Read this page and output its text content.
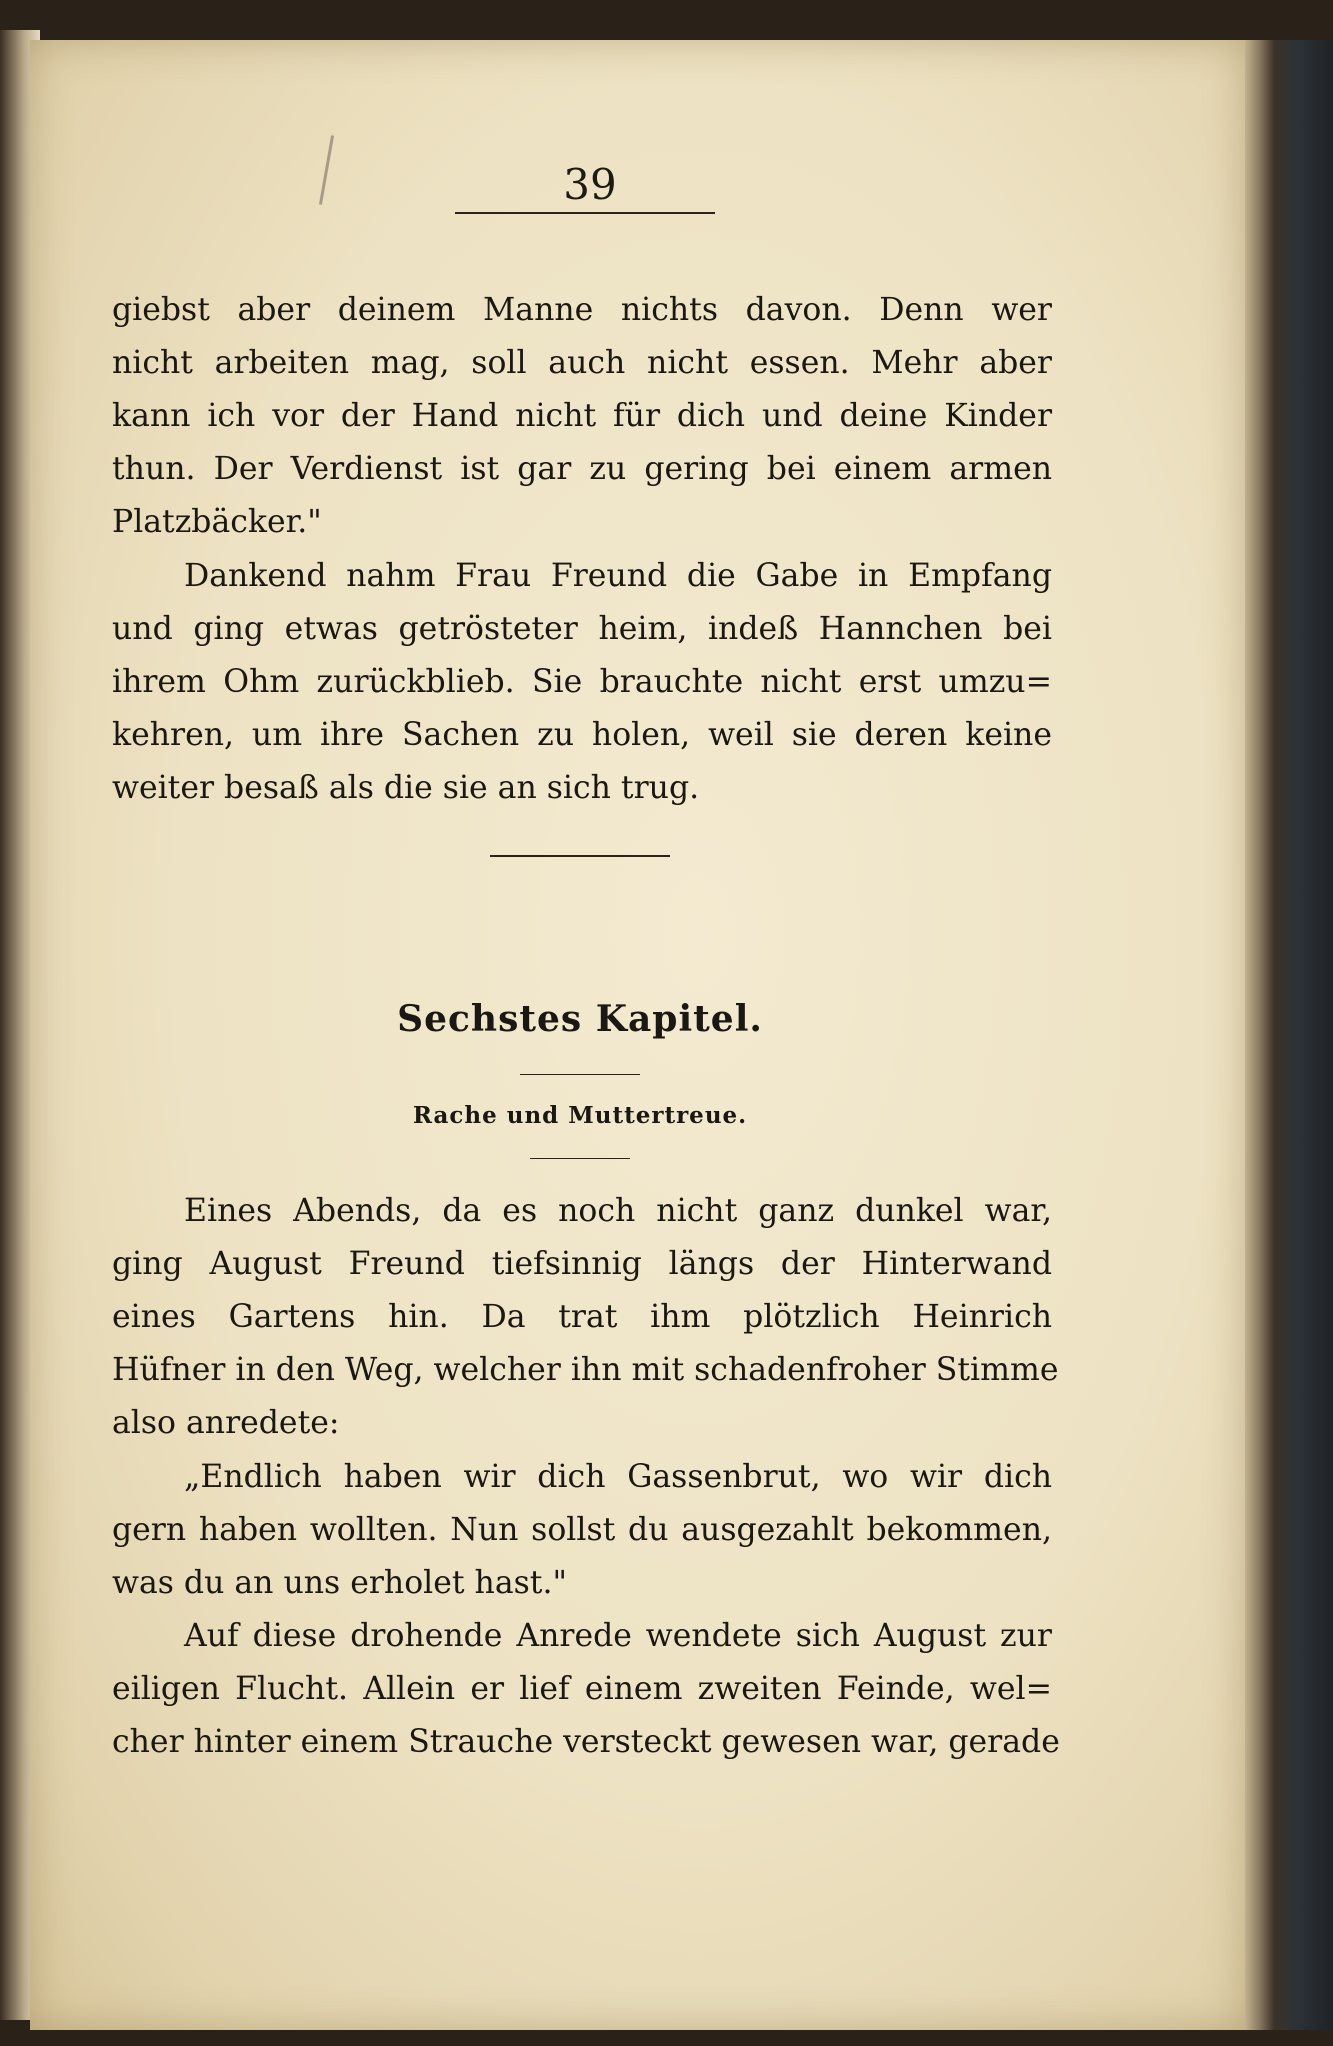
39
giebst aber deinem Manne nichts davon. Denn wer
nicht arbeiten mag, soll auch nicht essen. Mehr aber
kann ich vor der Hand nicht für dich und deine Kinder
thun. Der Verdienst ist gar zu gering bei einem armen
Platzbäcker."
Dankend nahm Frau Freund die Gabe in Empfang
und ging etwas getrösteter heim, indeß Hannchen bei
ihrem Ohm zurückblieb. Sie brauchte nicht erst umzu=
kehren, um ihre Sachen zu holen, weil sie deren keine
weiter besaß als die sie an sich trug.
Sechstes Kapitel.
Rache und Muttertreue.
Eines Abends, da es noch nicht ganz dunkel war,
ging August Freund tiefsinnig längs der Hinterwand
eines Gartens hin. Da trat ihm plötzlich Heinrich
Hüfner in den Weg, welcher ihn mit schadenfroher Stimme
also anredete:
„Endlich haben wir dich Gassenbrut, wo wir dich
gern haben wollten. Nun sollst du ausgezahlt bekommen,
was du an uns erholet hast."
Auf diese drohende Anrede wendete sich August zur
eiligen Flucht. Allein er lief einem zweiten Feinde, wel=
cher hinter einem Strauche versteckt gewesen war, gerade
